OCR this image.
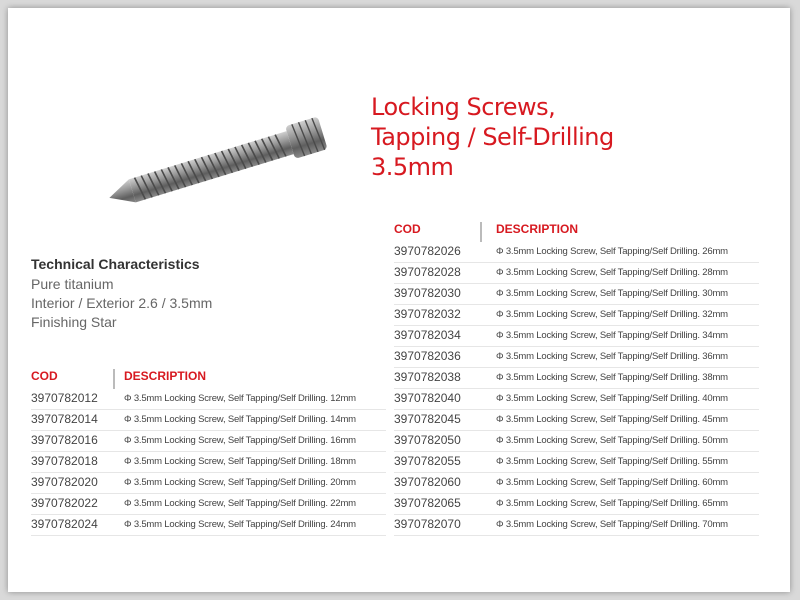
Locking Screws,
Tapping / Self-Drilling
3.5mm
Technical Characteristics
Pure titanium
Interior / Exterior 2.6 / 3.5mm
Finishing Star
COD	DESCRIPTION
3970782012	Φ 3.5mm Locking Screw, Self Tapping/Self Drilling. 12mm
3970782014	Φ 3.5mm Locking Screw, Self Tapping/Self Drilling. 14mm
3970782016	Φ 3.5mm Locking Screw, Self Tapping/Self Drilling. 16mm
3970782018	Φ 3.5mm Locking Screw, Self Tapping/Self Drilling. 18mm
3970782020	Φ 3.5mm Locking Screw, Self Tapping/Self Drilling. 20mm
3970782022	Φ 3.5mm Locking Screw, Self Tapping/Self Drilling. 22mm
3970782024	Φ 3.5mm Locking Screw, Self Tapping/Self Drilling. 24mm
COD	DESCRIPTION
3970782026	Φ 3.5mm Locking Screw, Self Tapping/Self Drilling. 26mm
3970782028	Φ 3.5mm Locking Screw, Self Tapping/Self Drilling. 28mm
3970782030	Φ 3.5mm Locking Screw, Self Tapping/Self Drilling. 30mm
3970782032	Φ 3.5mm Locking Screw, Self Tapping/Self Drilling. 32mm
3970782034	Φ 3.5mm Locking Screw, Self Tapping/Self Drilling. 34mm
3970782036	Φ 3.5mm Locking Screw, Self Tapping/Self Drilling. 36mm
3970782038	Φ 3.5mm Locking Screw, Self Tapping/Self Drilling. 38mm
3970782040	Φ 3.5mm Locking Screw, Self Tapping/Self Drilling. 40mm
3970782045	Φ 3.5mm Locking Screw, Self Tapping/Self Drilling. 45mm
3970782050	Φ 3.5mm Locking Screw, Self Tapping/Self Drilling. 50mm
3970782055	Φ 3.5mm Locking Screw, Self Tapping/Self Drilling. 55mm
3970782060	Φ 3.5mm Locking Screw, Self Tapping/Self Drilling. 60mm
3970782065	Φ 3.5mm Locking Screw, Self Tapping/Self Drilling. 65mm
3970782070	Φ 3.5mm Locking Screw, Self Tapping/Self Drilling. 70mm
